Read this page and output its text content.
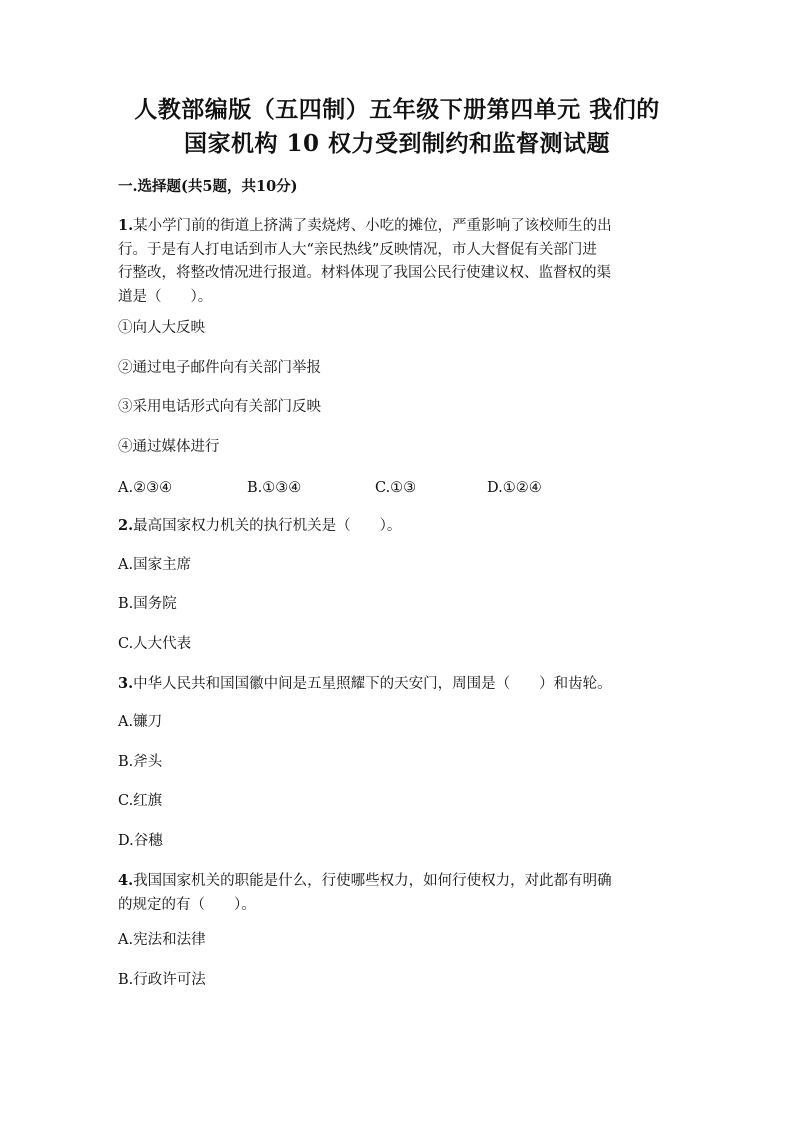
人教部编版（五四制）五年级下册第四单元 我们的
国家机构 10 权力受到制约和监督测试题
一.选择题(共5题，共10分)
1.某小学门前的街道上挤满了卖烧烤、小吃的摊位，严重影响了该校师生的出
行。于是有人打电话到市人大“亲民热线”反映情况，市人大督促有关部门进
行整改，将整改情况进行报道。材料体现了我国公民行使建议权、监督权的渠
道是（　　）。
①向人大反映
②通过电子邮件向有关部门举报
③采用电话形式向有关部门反映
④通过媒体进行
A.②③④	B.①③④	C.①③	D.①②④
2.最高国家权力机关的执行机关是（　　）。
A.国家主席
B.国务院
C.人大代表
3.中华人民共和国国徽中间是五星照耀下的天安门，周围是（　　）和齿轮。
A.镰刀
B.斧头
C.红旗
D.谷穗
4.我国国家机关的职能是什么，行使哪些权力，如何行使权力，对此都有明确
的规定的有（　　）。
A.宪法和法律
B.行政许可法
